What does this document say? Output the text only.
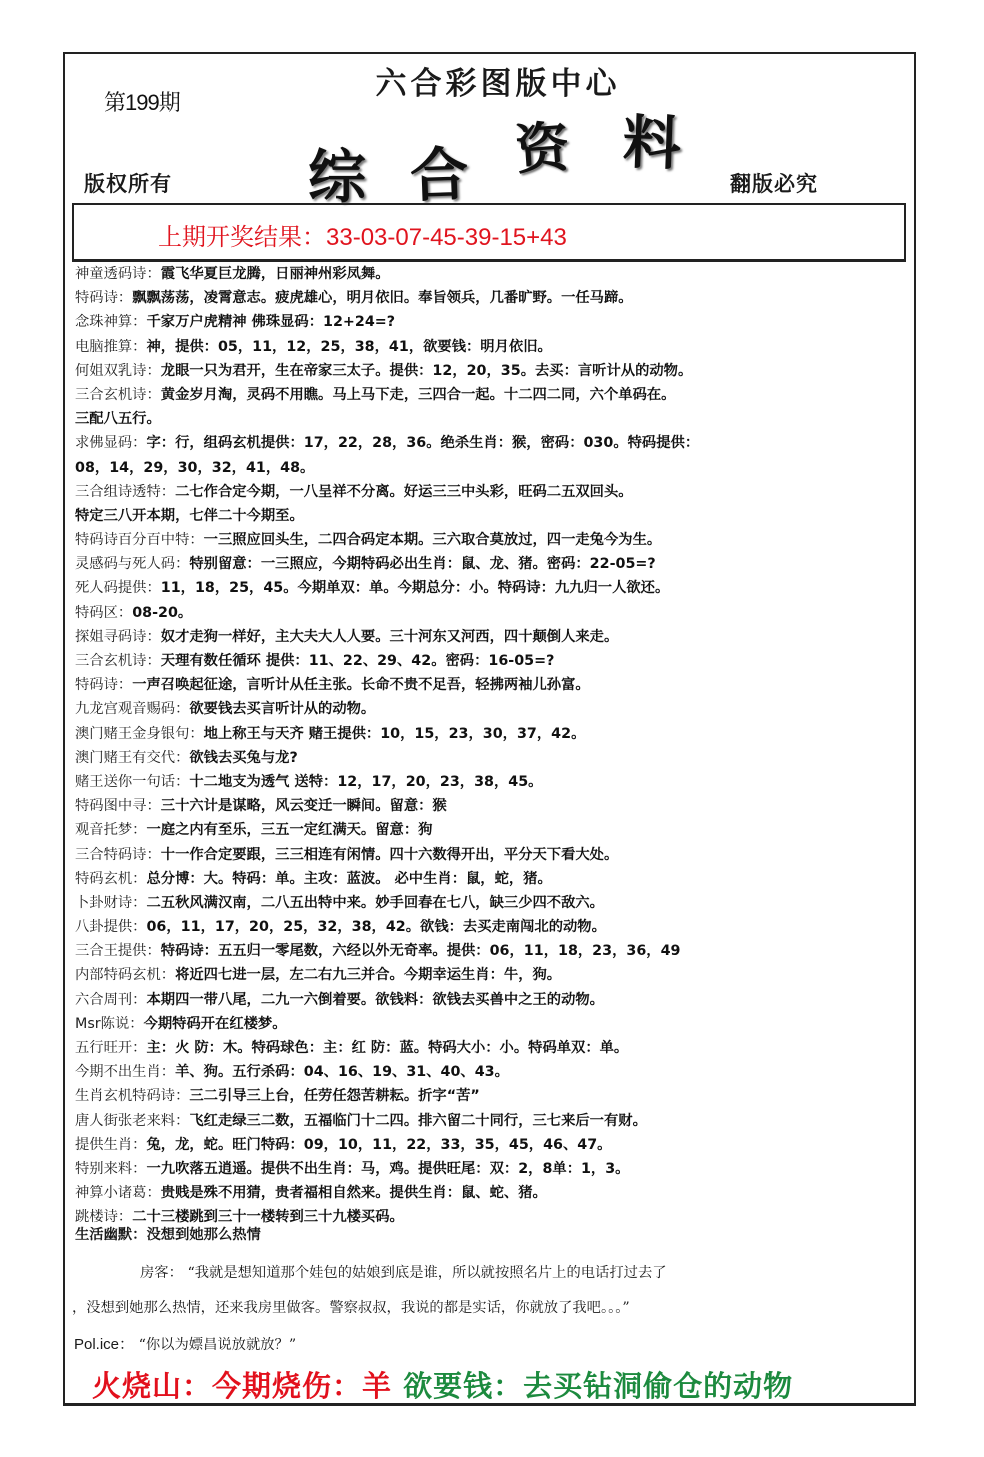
第199期
六合彩图版中心
综 合 资 料
版权所有	翻版必究
上期开奖结果：33-03-07-45-39-15+43
神童透码诗：霞飞华夏巨龙腾，日丽神州彩凤舞。
特码诗：飘飘荡荡，凌霄意志。疲虎雄心，明月依旧。奉旨领兵，几番旷野。一任马蹄。
念珠神算：千家万户虎精神 佛珠显码：12+24=?
电脑推算：神，提供：05，11，12，25，38，41，欲要钱：明月依旧。
何姐双乳诗：龙眼一只为君开，生在帝家三太子。提供：12，20，35。去买：言听计从的动物。
三合玄机诗：黄金岁月淘，灵码不用瞧。马上马下走，三四合一起。十二四二同，六个单码在。
三配八五行。
求佛显码：字：行，组码玄机提供：17，22，28，36。绝杀生肖：猴，密码：030。特码提供：
08，14，29，30，32，41，48。
三合组诗透特：二七作合定今期，一八呈祥不分离。好运三三中头彩，旺码二五双回头。
特定三八开本期，七伴二十今期至。
特码诗百分百中特：一三照应回头生，二四合码定本期。三六取合莫放过，四一走兔今为生。
灵感码与死人码：特别留意：一三照应，今期特码必出生肖：鼠、龙、猪。密码：22-05=?
死人码提供：11，18，25，45。今期单双：单。今期总分：小。特码诗：九九归一人欲还。
特码区：08-20。
探姐寻码诗：奴才走狗一样好，主大夫大人人要。三十河东又河西，四十颠倒人来走。
三合玄机诗：天理有数任循环 提供：11、22、29、42。密码：16-05=?
特码诗：一声召唤起征途，言听计从任主张。长命不贵不足吾，轻拂两袖儿孙富。
九龙宫观音赐码：欲要钱去买言听计从的动物。
澳门赌王金身银句：地上称王与天齐 赌王提供：10，15，23，30，37，42。
澳门赌王有交代：欲钱去买兔与龙?
赌王送你一句话：十二地支为透气 送特：12，17，20，23，38，45。
特码图中寻：三十六计是谋略，风云变迁一瞬间。留意：猴
观音托梦：一庭之内有至乐，三五一定红满天。留意：狗
三合特码诗：十一作合定要跟，三三相连有闲情。四十六数得开出，平分天下看大处。
特码玄机：总分博：大。特码：单。主攻：蓝波。 必中生肖：鼠，蛇，猪。
卜卦财诗：二五秋风满汉南，二八五出特中来。妙手回春在七八，缺三少四不敌六。
八卦提供：06，11，17，20，25，32，38，42。欲钱：去买走南闯北的动物。
三合王提供：特码诗：五五归一零尾数，六经以外无奇率。提供：06，11，18，23，36，49
内部特码玄机：将近四七进一层，左二右九三并合。今期幸运生肖：牛，狗。
六合周刊：本期四一带八尾，二九一六倒着要。欲钱料：欲钱去买兽中之王的动物。
Msr陈说：今期特码开在红楼梦。
五行旺开：主：火 防：木。特码球色：主：红 防：蓝。特码大小：小。特码单双：单。
今期不出生肖：羊、狗。五行杀码：04、16、19、31、40、43。
生肖玄机特码诗：三二引导三上台，任劳任怨苦耕耘。折字“苦”
唐人街张老来料：飞红走绿三二数，五福临门十二四。排六留二十同行，三七来后一有财。
提供生肖：兔，龙，蛇。旺门特码：09，10，11，22，33，35，45，46、47。
特别来料：一九吹落五逍遥。提供不出生肖：马，鸡。提供旺尾：双：2，8单：1，3。
神算小诸葛：贵贱是殊不用猜，贵者福相自然来。提供生肖：鼠、蛇、猪。
跳楼诗：二十三楼跳到三十一楼转到三十九楼买码。
生活幽默：没想到她那么热情
房客： “我就是想知道那个娃包的姑娘到底是谁，所以就按照名片上的电话打过去了
，没想到她那么热情，还来我房里做客。警察叔叔，我说的都是实话，你就放了我吧。。。”
Pol.ice： “你以为嫖昌说放就放？”
火烧山：今期烧伤：羊 欲要钱：去买钻洞偷仓的动物
